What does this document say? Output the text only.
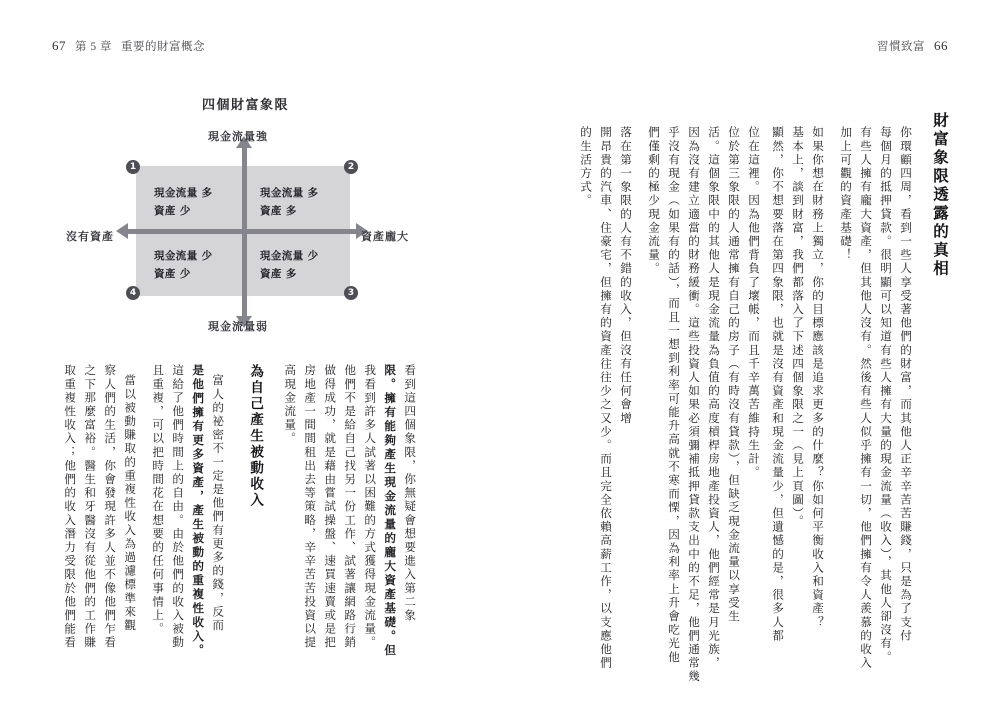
67 第 5 章 重要的財富概念	習慣致富 66
四個財富象限
現金流量強
現金流量弱
沒有資產	資產龐大
現金流量 多
資產 少
現金流量 多
資產 多
現金流量 少
資產 多
現金流量 少
資產 少
1	2
3
4
財富象限透露的真相
你環顧四周，看到一些人享受著他們的財富，而其他人正辛辛苦苦賺錢，只是為了支付
每個月的抵押貸款。很明顯可以知道有些人擁有大量的現金流量（收入），其他人卻沒有。
有些人擁有龐大資產，但其他人沒有。然後有些人似乎擁有一切，他們擁有令人羨慕的收入
加上可觀的資產基礎！
如果你想在財務上獨立，你的目標應該是追求更多的什麼？你如何平衡收入和資產？
基本上，談到財富，我們都落入了下述四個象限之一（見上頁圖）。
顯然，你不想要落在第四象限，也就是沒有資產和現金流量少，但遺憾的是，很多人都
位在這裡。因為他們背負了壞帳，而且千辛萬苦維持生計。
位於第三象限的人通常擁有自己的房子（有時沒有貸款），但缺乏現金流量以享受生
活。這個象限中的其他人是現金流量為負值的高度槓桿房地產投資人，他們經常是月光族，
因為沒有建立適當的財務緩衝。這些投資人如果必須彌補抵押貸款支出中的不足，他們通常幾
乎沒有現金（如果有的話），而且一想到利率可能升高就不寒而慄，因為利率上升會吃光他
們僅剩的極少現金流量。
落在第一象限的人有不錯的收入，但沒有任何會增
開昂貴的汽車、住豪宅，但擁有的資產往往少之又少。而且完全依賴高薪工作，以支應他們
的生活方式。
看到這四個象限，你無疑會想要進入第二象
限。擁有能夠產生現金流量的龐大資產基礎。但
我看到許多人試著以困難的方式獲得現金流量。
他們不是給自己找另一份工作、試著讓網路行銷
做得成功，就是藉由嘗試操盤、速買速賣或是把
房地產一間間租出去等策略，辛辛苦苦投資以提
高現金流量。
為自己產生被動收入
富人的祕密不一定是他們有更多的錢，反而
是他們擁有更多資產，產生被動的重複性收入。
這給了他們時間上的自由。由於他們的收入被動
且重複，可以把時間花在想要的任何事情上。
當以被動賺取的重複性收入為過濾標準來觀
察人們的生活，你會發現許多人並不像他們乍看
之下那麼富裕。醫生和牙醫沒有從他們的工作賺
取重複性收入；他們的收入潛力受限於他們能看
